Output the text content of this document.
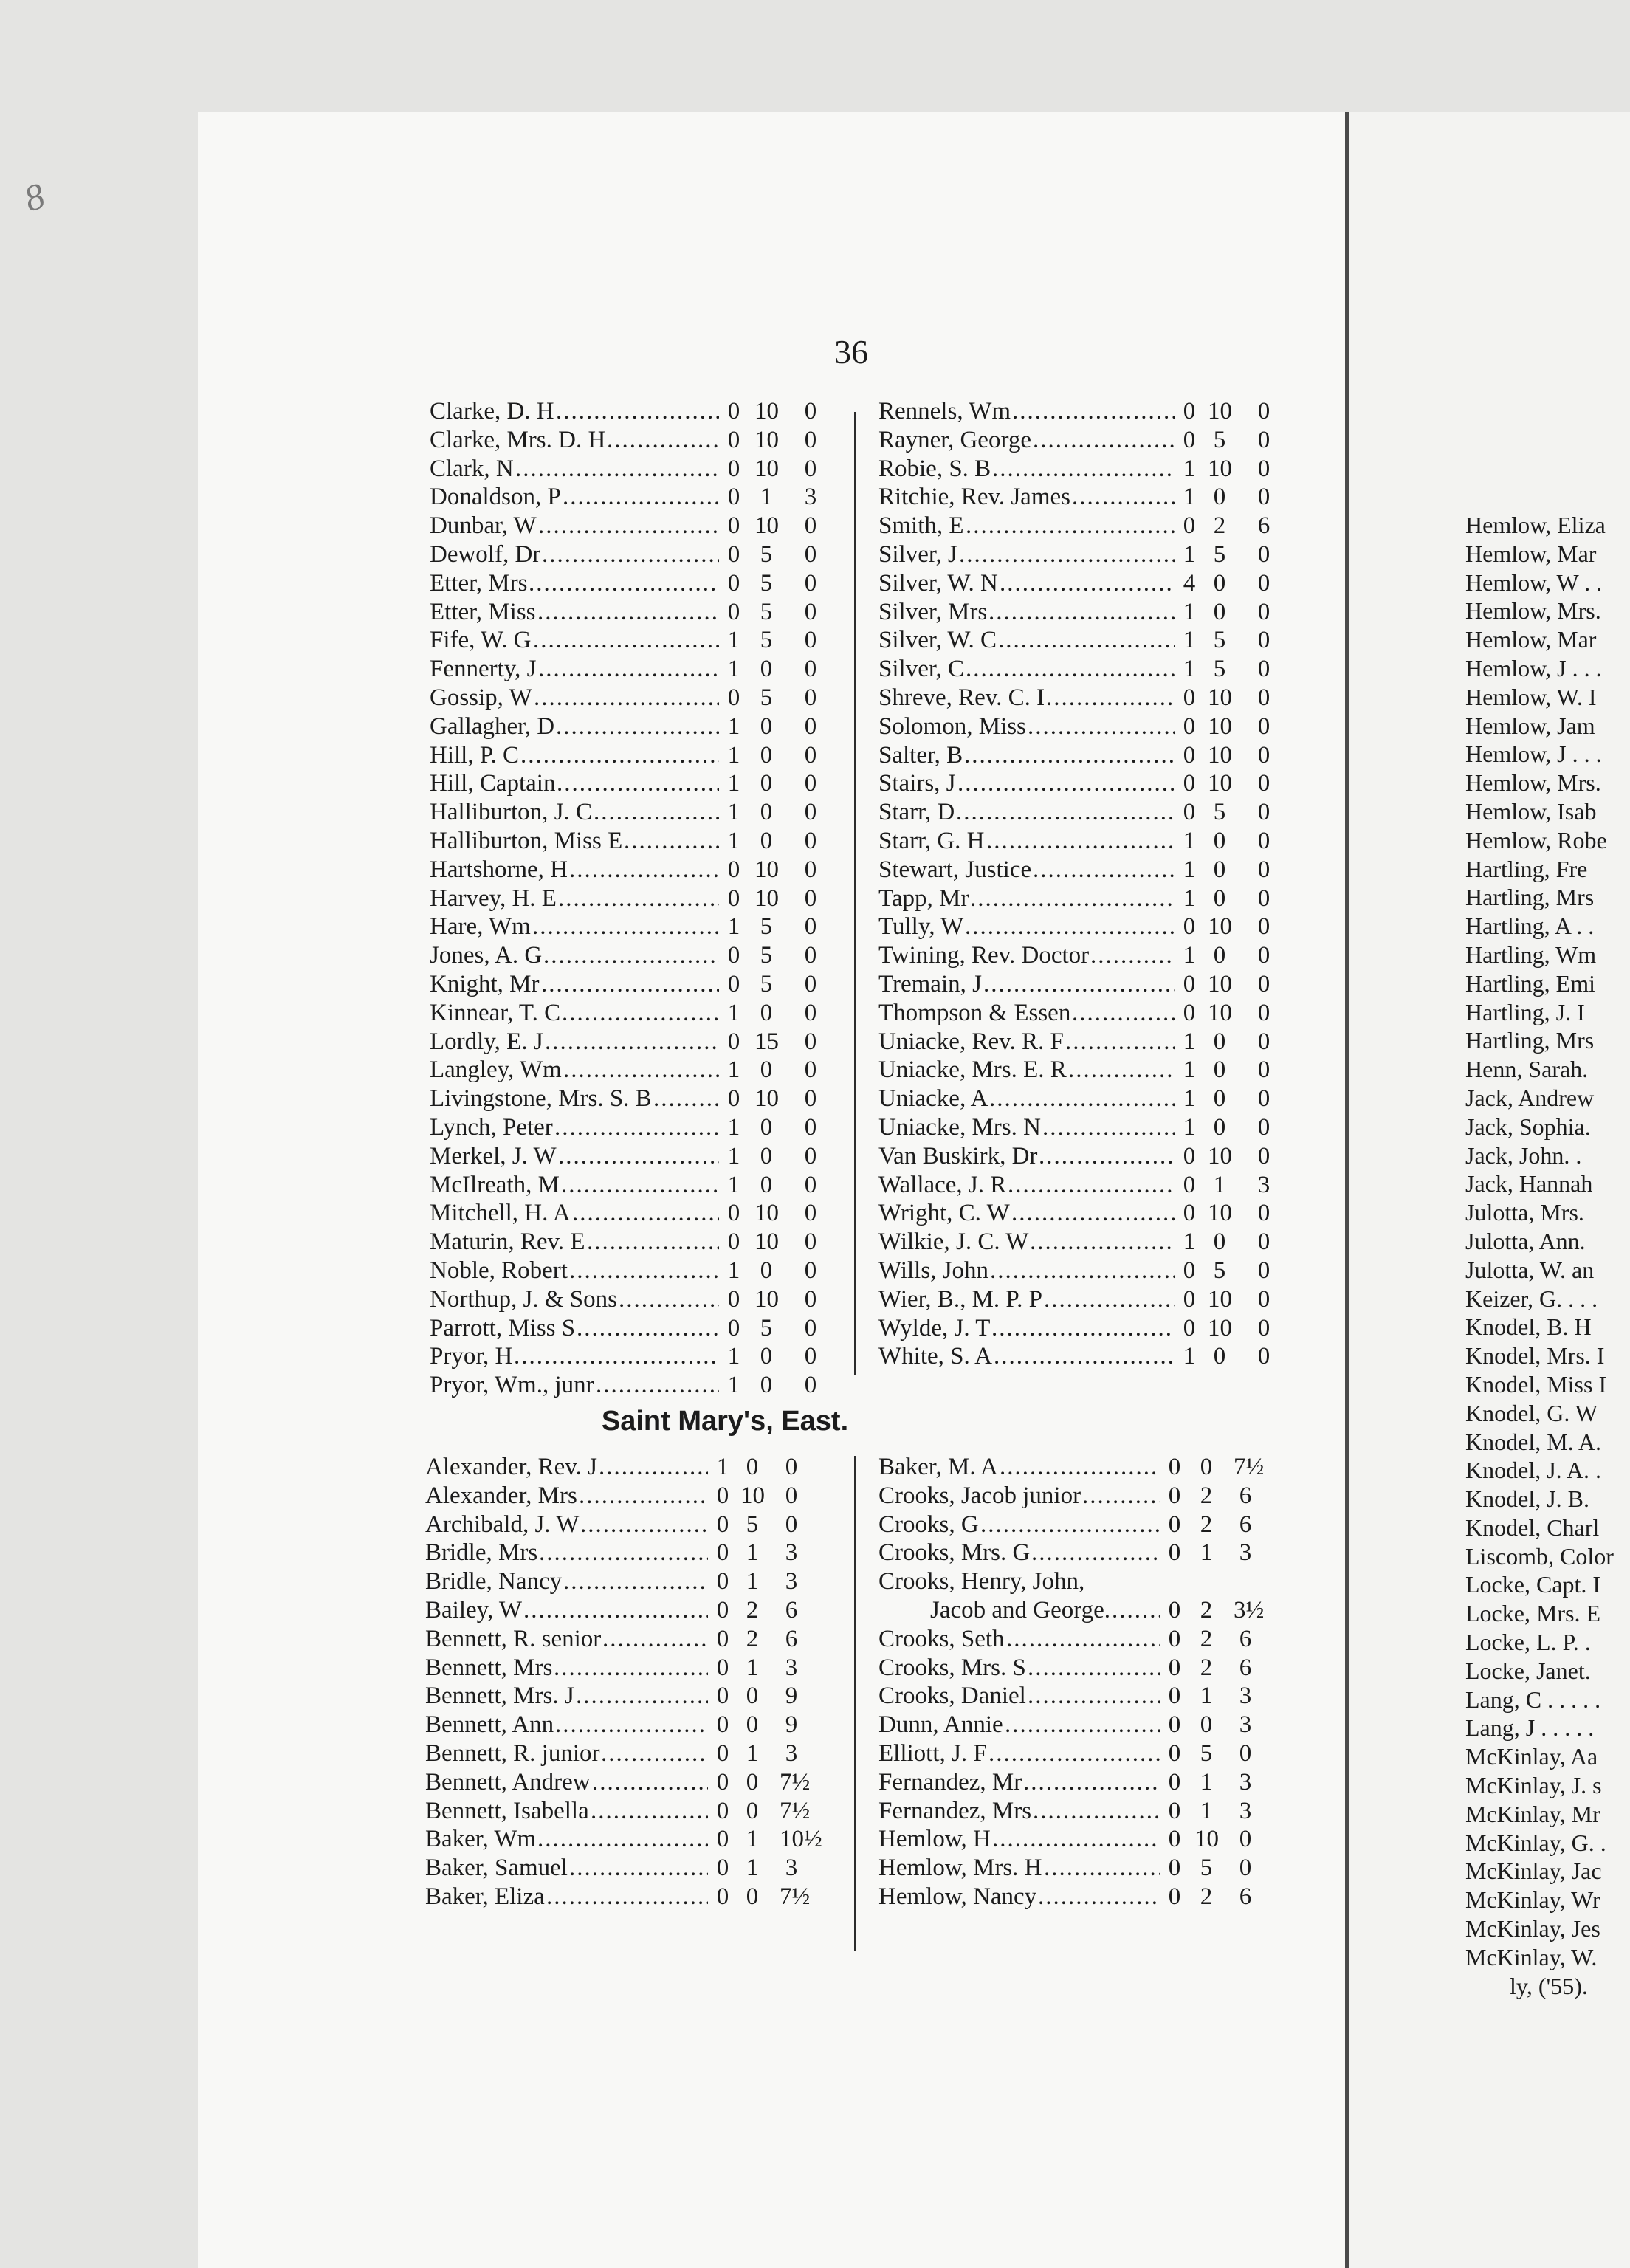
Hemlow, Eliza
Hemlow, Mar
Hemlow, W . .
Hemlow, Mrs.
Hemlow, Mar
Hemlow, J . . .
Hemlow, W. I
Hemlow, Jam
Hemlow, J . . .
Hemlow, Mrs.
Hemlow, Isab
Hemlow, Robe
Hartling, Fre
Hartling, Mrs
Hartling, A . .
Hartling, Wm
Hartling, Emi
Hartling, J. I
Hartling, Mrs
Henn, Sarah.
Jack, Andrew
Jack, Sophia.
Jack, John. .
Jack, Hannah
Julotta, Mrs.
Julotta, Ann.
Julotta, W. an
Keizer, G. . . .
Knodel, B. H
Knodel, Mrs. I
Knodel, Miss I
Knodel, G. W
Knodel, M. A.
Knodel, J. A. .
Knodel, J. B.
Knodel, Charl
Liscomb, Color
Locke, Capt. I
Locke, Mrs. E
Locke, L. P. .
Locke, Janet.
Lang, C . . . . .
Lang, J . . . . .
McKinlay, Aa
McKinlay, J. s
McKinlay, Mr
McKinlay, G. .
McKinlay, Jac
McKinlay, Wr
McKinlay, Jes
McKinlay, W.
ly, ('55).
8
36
Clarke, D. H .....	0 10 0
Clarke, Mrs. D. H .....	0 10 0
Clark, N .....	0 10 0
Donaldson, P .....	0 1 3
Dunbar, W .....	0 10 0
Dewolf, Dr .....	0 5 0
Etter, Mrs .....	0 5 0
Etter, Miss .....	0 5 0
Fife, W. G .....	1 5 0
Fennerty, J .....	1 0 0
Gossip, W .....	0 5 0
Gallagher, D .....	1 0 0
Hill, P. C .....	1 0 0
Hill, Captain .....	1 0 0
Halliburton, J. C .....	1 0 0
Halliburton, Miss E .....	1 0 0
Hartshorne, H .....	0 10 0
Harvey, H. E .....	0 10 0
Hare, Wm .....	1 5 0
Jones, A. G .....	0 5 0
Knight, Mr .....	0 5 0
Kinnear, T. C .....	1 0 0
Lordly, E. J .....	0 15 0
Langley, Wm .....	1 0 0
Livingstone, Mrs. S. B .....	0 10 0
Lynch, Peter .....	1 0 0
Merkel, J. W .....	1 0 0
McIlreath, M .....	1 0 0
Mitchell, H. A .....	0 10 0
Maturin, Rev. E .....	0 10 0
Noble, Robert .....	1 0 0
Northup, J. & Sons .....	0 10 0
Parrott, Miss S .....	0 5 0
Pryor, H .....	1 0 0
Pryor, Wm., junr .....	1 0 0
Rennels, Wm .....	0 10 0
Rayner, George .....	0 5 0
Robie, S. B .....	1 10 0
Ritchie, Rev. James .....	1 0 0
Smith, E .....	0 2 6
Silver, J .....	1 5 0
Silver, W. N .....	4 0 0
Silver, Mrs .....	1 0 0
Silver, W. C .....	1 5 0
Silver, C .....	1 5 0
Shreve, Rev. C. I .....	0 10 0
Solomon, Miss .....	0 10 0
Salter, B .....	0 10 0
Stairs, J .....	0 10 0
Starr, D .....	0 5 0
Starr, G. H .....	1 0 0
Stewart, Justice .....	1 0 0
Tapp, Mr .....	1 0 0
Tully, W .....	0 10 0
Twining, Rev. Doctor .....	1 0 0
Tremain, J .....	0 10 0
Thompson & Essen .....	0 10 0
Uniacke, Rev. R. F .....	1 0 0
Uniacke, Mrs. E. R .....	1 0 0
Uniacke, A .....	1 0 0
Uniacke, Mrs. N .....	1 0 0
Van Buskirk, Dr .....	0 10 0
Wallace, J. R .....	0 1 3
Wright, C. W .....	0 10 0
Wilkie, J. C. W .....	1 0 0
Wills, John .....	0 5 0
Wier, B., M. P. P .....	0 10 0
Wylde, J. T .....	0 10 0
White, S. A .....	1 0 0
Saint Mary's, East.
Alexander, Rev. J .....	1 0 0
Alexander, Mrs .....	0 10 0
Archibald, J. W .....	0 5 0
Bridle, Mrs .....	0 1 3
Bridle, Nancy .....	0 1 3
Bailey, W .....	0 2 6
Bennett, R. senior .....	0 2 6
Bennett, Mrs .....	0 1 3
Bennett, Mrs. J .....	0 0 9
Bennett, Ann .....	0 0 9
Bennett, R. junior .....	0 1 3
Bennett, Andrew .....	0 0 7½
Bennett, Isabella .....	0 0 7½
Baker, Wm .....	0 1 10½
Baker, Samuel .....	0 1 3
Baker, Eliza .....	0 0 7½
Baker, M. A .....	0 0 7½
Crooks, Jacob junior .....	0 2 6
Crooks, G .....	0 2 6
Crooks, Mrs. G .....	0 1 3
Crooks, Henry, John,
Jacob and George. ..... 0 2 3½
Crooks, Seth .....	0 2 6
Crooks, Mrs. S .....	0 2 6
Crooks, Daniel .....	0 1 3
Dunn, Annie .....	0 0 3
Elliott, J. F .....	0 5 0
Fernandez, Mr .....	0 1 3
Fernandez, Mrs .....	0 1 3
Hemlow, H .....	0 10 0
Hemlow, Mrs. H .....	0 5 0
Hemlow, Nancy .....	0 2 6
